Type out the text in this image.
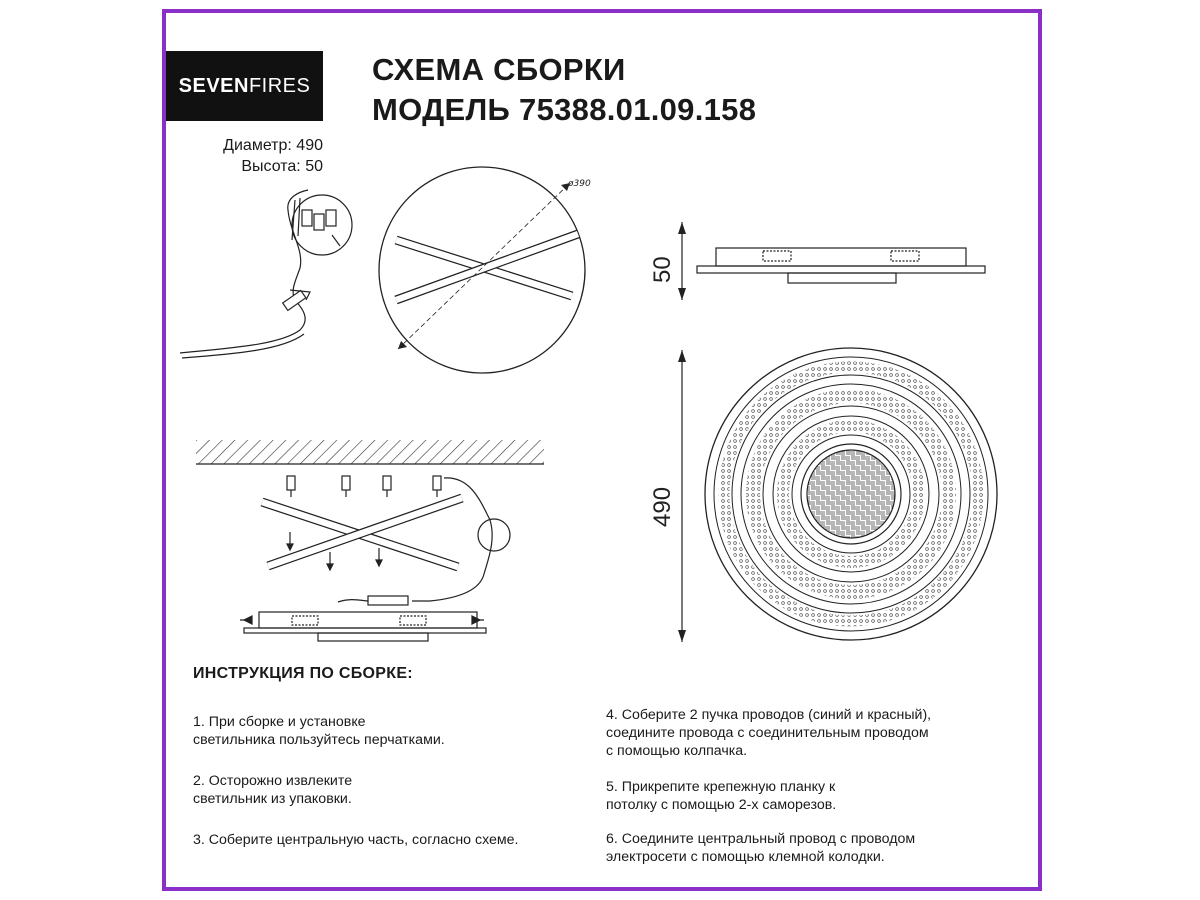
SEVEN FIRES СХЕМА СБОРКИ
МОДЕЛЬ 75388.01.09.158
Диаметр: 490
Высота: 50
ø390
50
490
ИНСТРУКЦИЯ ПО СБОРКЕ:
1. При сборке и установке
светильника пользуйтесь перчатками.
2. Осторожно извлеките
светильник из упаковки.
3. Соберите центральную часть, согласно схеме.
4. Соберите 2 пучка проводов (синий и красный),
соедините провода с соединительным проводом
с помощью колпачка.
5. Прикрепите крепежную планку к
потолку с помощью 2-х саморезов.
6. Соедините центральный провод с проводом
электросети с помощью клемной колодки.
